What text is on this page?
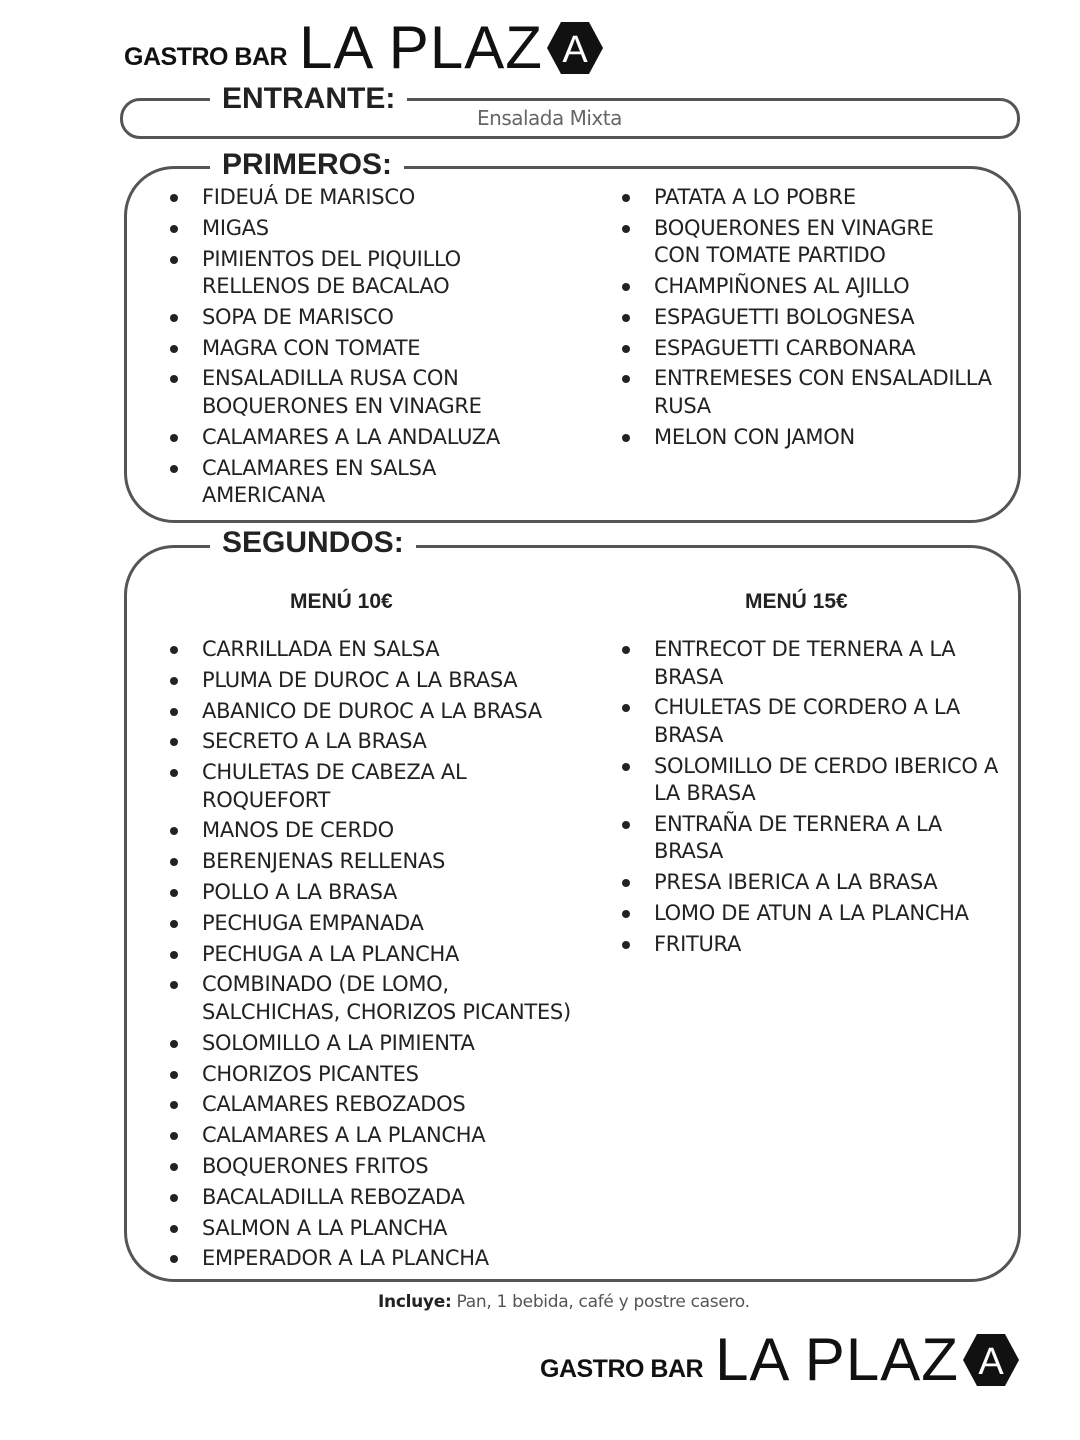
GASTRO BAR LA PLAZ A
ENTRANTE:
Ensalada Mixta
PRIMEROS:
FIDEUÁ DE MARISCO
MIGAS
PIMIENTOS DEL PIQUILLO RELLENOS DE BACALAO
SOPA DE MARISCO
MAGRA CON TOMATE
ENSALADILLA RUSA CON BOQUERONES EN VINAGRE
CALAMARES A LA ANDALUZA
CALAMARES EN SALSA AMERICANA
PATATA A LO POBRE
BOQUERONES EN VINAGRE CON TOMATE PARTIDO
CHAMPIÑONES AL AJILLO
ESPAGUETTI BOLOGNESA
ESPAGUETTI CARBONARA
ENTREMESES CON ENSALADILLA RUSA
MELON CON JAMON
SEGUNDOS:
MENÚ 10€	MENÚ 15€
CARRILLADA EN SALSA
PLUMA DE DUROC A LA BRASA
ABANICO DE DUROC A LA BRASA
SECRETO A LA BRASA
CHULETAS DE CABEZA AL ROQUEFORT
MANOS DE CERDO
BERENJENAS RELLENAS
POLLO A LA BRASA
PECHUGA EMPANADA
PECHUGA A LA PLANCHA
COMBINADO (DE LOMO, SALCHICHAS, CHORIZOS PICANTES)
SOLOMILLO A LA PIMIENTA
CHORIZOS PICANTES
CALAMARES REBOZADOS
CALAMARES A LA PLANCHA
BOQUERONES FRITOS
BACALADILLA REBOZADA
SALMON A LA PLANCHA
EMPERADOR A LA PLANCHA
ENTRECOT DE TERNERA A LA BRASA
CHULETAS DE CORDERO A LA BRASA
SOLOMILLO DE CERDO IBERICO A LA BRASA
ENTRAÑA DE TERNERA A LA BRASA
PRESA IBERICA A LA BRASA
LOMO DE ATUN A LA PLANCHA
FRITURA
Incluye: Pan, 1 bebida, café y postre casero.
GASTRO BAR LA PLAZ A
